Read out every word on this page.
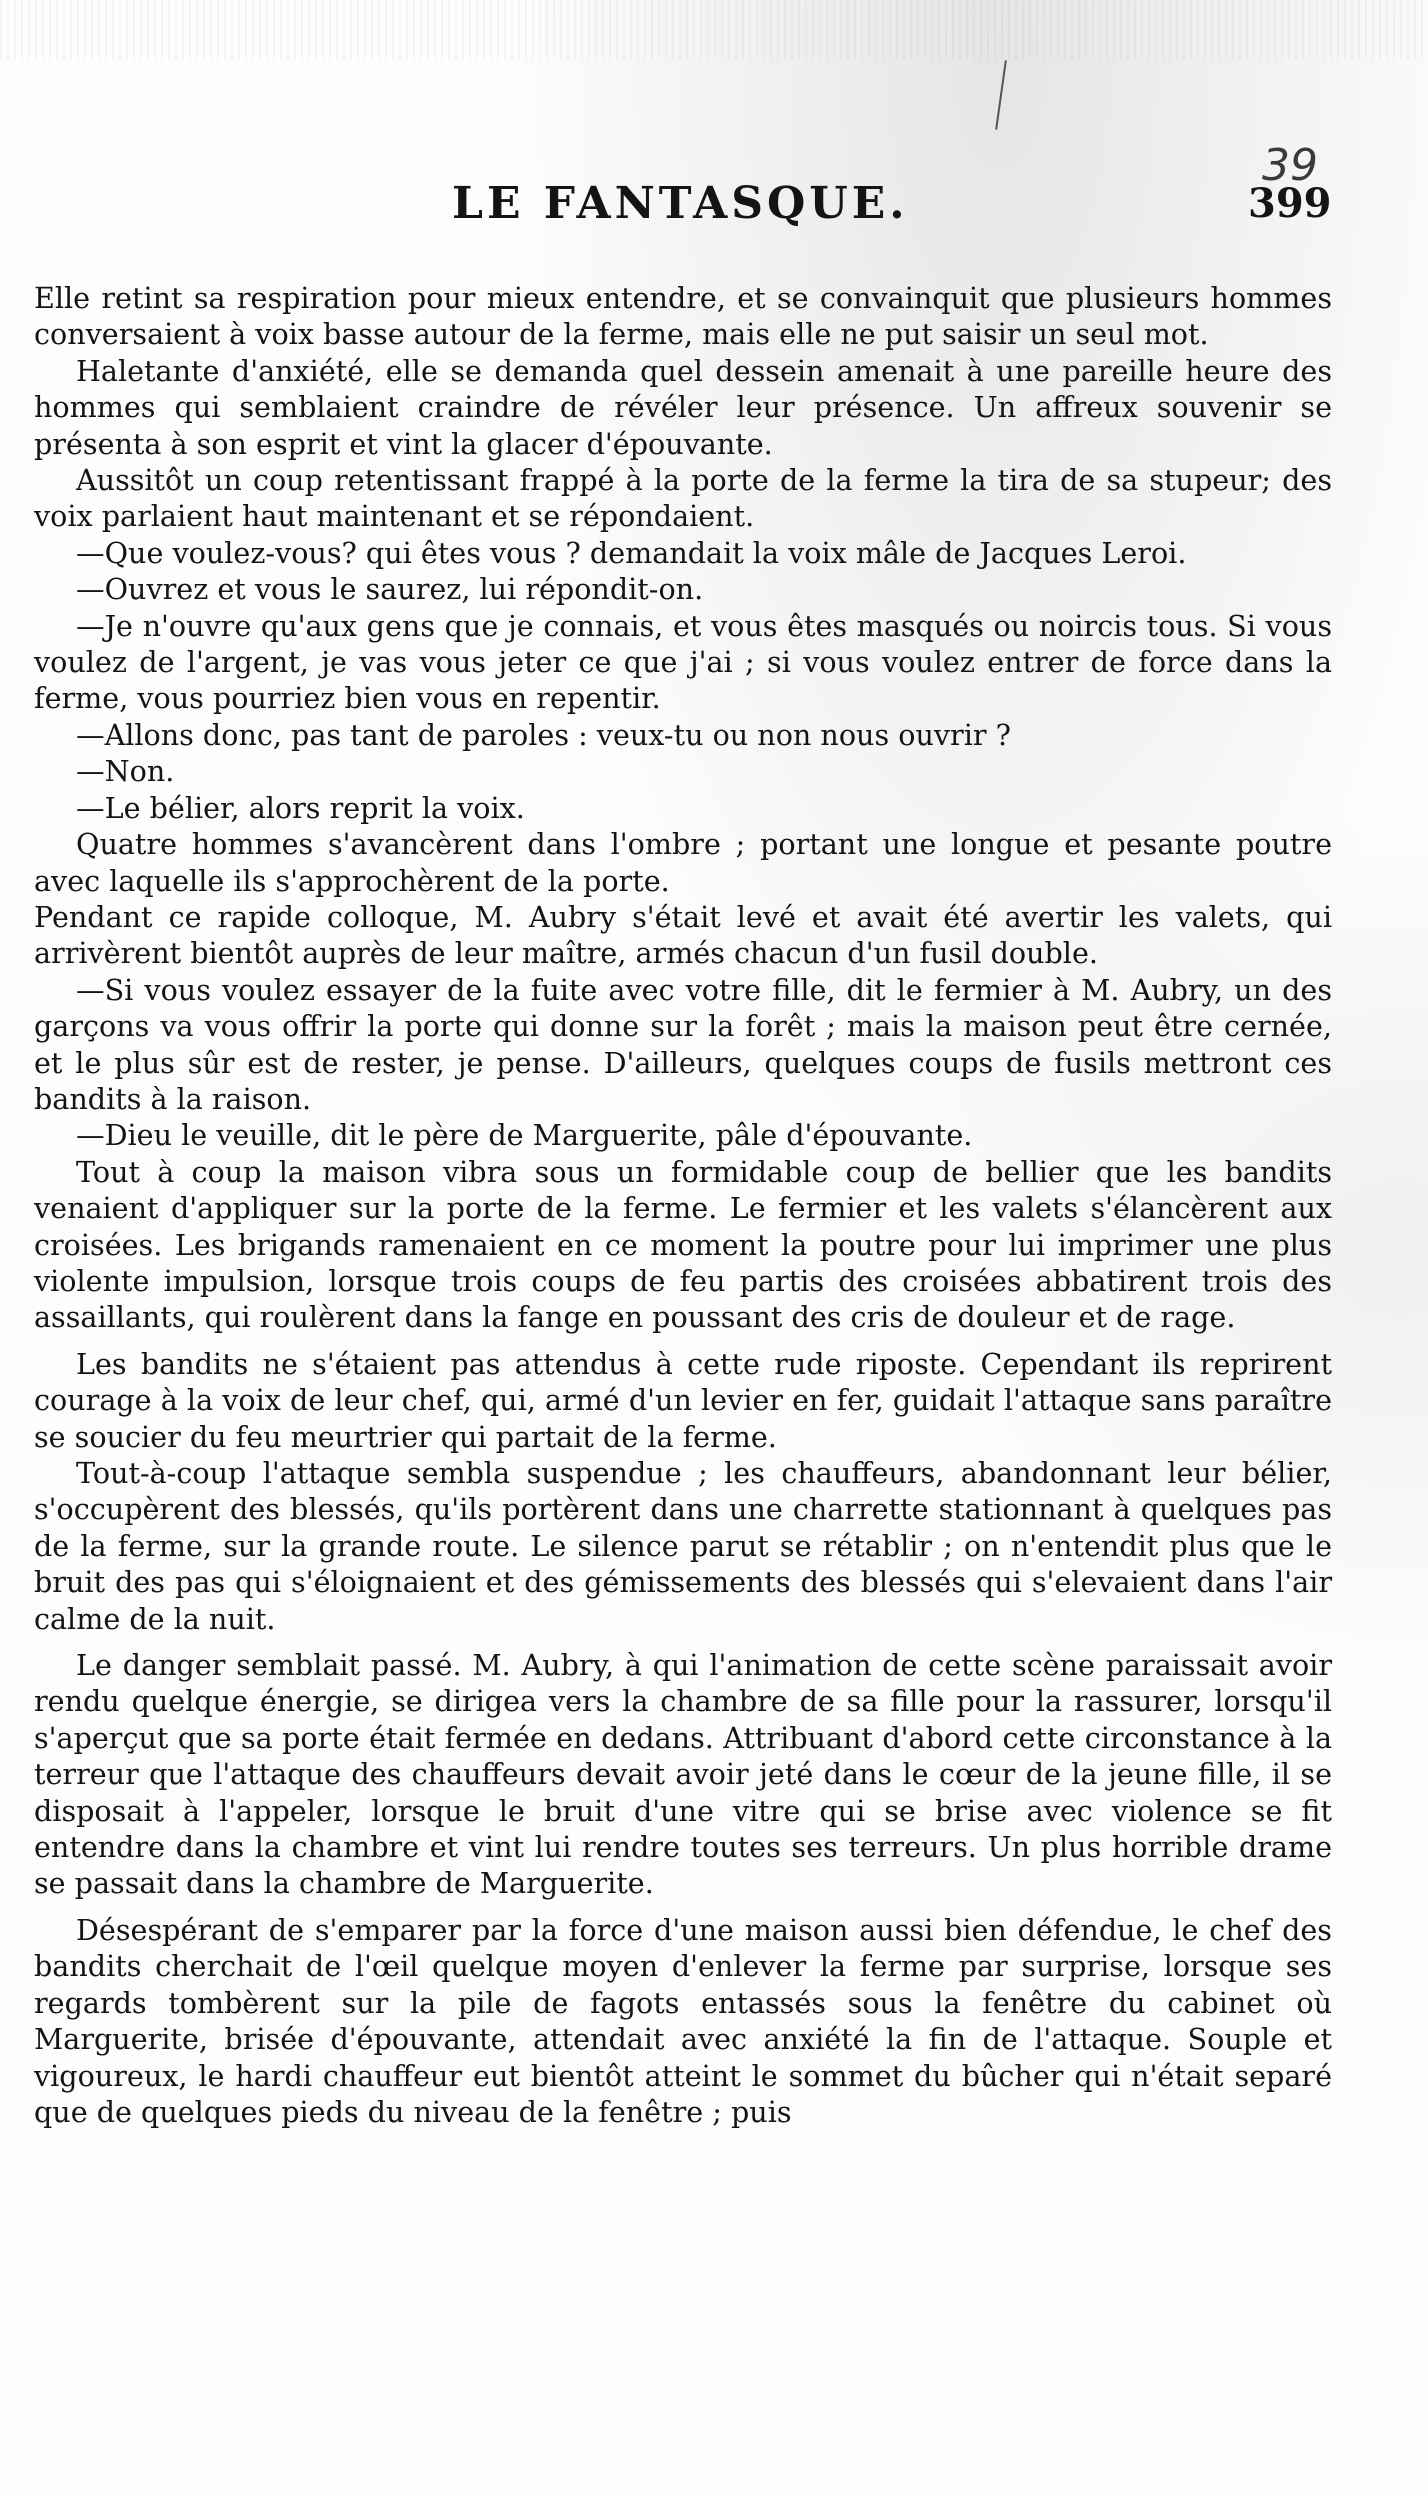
39
LE FANTASQUE.	399

Elle retint sa respiration pour mieux entendre, et se convainquit que plusieurs hommes conversaient à voix basse autour de la ferme, mais elle ne put saisir un seul mot.

Haletante d'anxiété, elle se demanda quel dessein amenait à une pareille heure des hommes qui semblaient craindre de révéler leur présence. Un affreux souvenir se présenta à son esprit et vint la glacer d'épouvante.

Aussitôt un coup retentissant frappé à la porte de la ferme la tira de sa stupeur; des voix parlaient haut maintenant et se répondaient.

—Que voulez-vous? qui êtes vous ? demandait la voix mâle de Jacques Leroi.

—Ouvrez et vous le saurez, lui répondit-on.

—Je n'ouvre qu'aux gens que je connais, et vous êtes masqués ou noircis tous. Si vous voulez de l'argent, je vas vous jeter ce que j'ai ; si vous voulez entrer de force dans la ferme, vous pourriez bien vous en repentir.

—Allons donc, pas tant de paroles : veux-tu ou non nous ouvrir ?

—Non.

—Le bélier, alors reprit la voix.

Quatre hommes s'avancèrent dans l'ombre ; portant une longue et pesante poutre avec laquelle ils s'approchèrent de la porte.

Pendant ce rapide colloque, M. Aubry s'était levé et avait été avertir les valets, qui arrivèrent bientôt auprès de leur maître, armés chacun d'un fusil double.

—Si vous voulez essayer de la fuite avec votre fille, dit le fermier à M. Aubry, un des garçons va vous offrir la porte qui donne sur la forêt ; mais la maison peut être cernée, et le plus sûr est de rester, je pense. D'ailleurs, quelques coups de fusils mettront ces bandits à la raison.

—Dieu le veuille, dit le père de Marguerite, pâle d'épouvante.

Tout à coup la maison vibra sous un formidable coup de bellier que les bandits venaient d'appliquer sur la porte de la ferme. Le fermier et les valets s'élancèrent aux croisées. Les brigands ramenaient en ce moment la poutre pour lui imprimer une plus violente impulsion, lorsque trois coups de feu partis des croisées abbatirent trois des assaillants, qui roulèrent dans la fange en poussant des cris de douleur et de rage.

Les bandits ne s'étaient pas attendus à cette rude riposte. Cependant ils reprirent courage à la voix de leur chef, qui, armé d'un levier en fer, guidait l'attaque sans paraître se soucier du feu meurtrier qui partait de la ferme.

Tout-à-coup l'attaque sembla suspendue ; les chauffeurs, abandonnant leur bélier, s'occupèrent des blessés, qu'ils portèrent dans une charrette stationnant à quelques pas de la ferme, sur la grande route. Le silence parut se rétablir ; on n'entendit plus que le bruit des pas qui s'éloignaient et des gémissements des blessés qui s'elevaient dans l'air calme de la nuit.

Le danger semblait passé. M. Aubry, à qui l'animation de cette scène paraissait avoir rendu quelque énergie, se dirigea vers la chambre de sa fille pour la rassurer, lorsqu'il s'aperçut que sa porte était fermée en dedans. Attribuant d'abord cette circonstance à la terreur que l'attaque des chauffeurs devait avoir jeté dans le cœur de la jeune fille, il se disposait à l'appeler, lorsque le bruit d'une vitre qui se brise avec violence se fit entendre dans la chambre et vint lui rendre toutes ses terreurs. Un plus horrible drame se passait dans la chambre de Marguerite.

Désespérant de s'emparer par la force d'une maison aussi bien défendue, le chef des bandits cherchait de l'œil quelque moyen d'enlever la ferme par surprise, lorsque ses regards tombèrent sur la pile de fagots entassés sous la fenêtre du cabinet où Marguerite, brisée d'épouvante, attendait avec anxiété la fin de l'attaque. Souple et vigoureux, le hardi chauffeur eut bientôt atteint le sommet du bûcher qui n'était separé que de quelques pieds du niveau de la fenêtre ; puis
